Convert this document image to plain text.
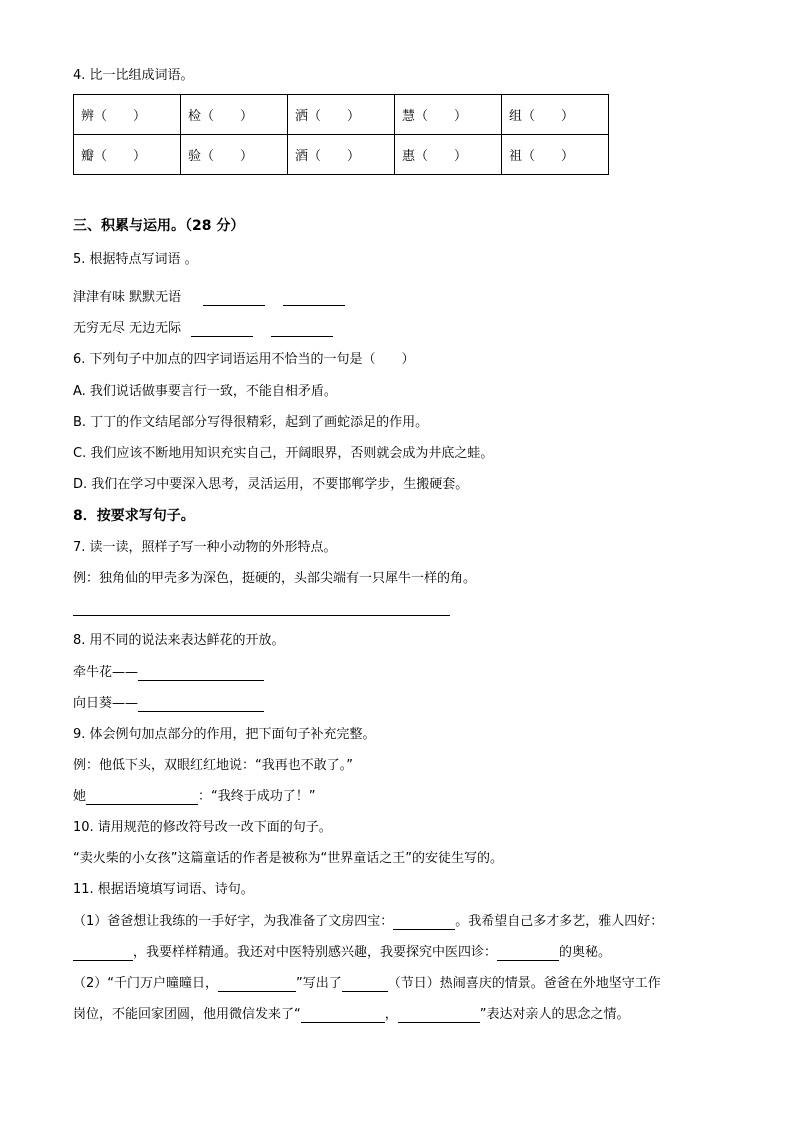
4. 比一比组成词语。
辨（　　）	检（　　）	洒（　　）	慧（　　）	组（　　）
瓣（　　）	验（　　）	酒（　　）	惠（　　）	祖（　　）
三、积累与运用。（28 分）
5. 根据特点写词语 。
津津有味 默默无语
无穷无尽 无边无际
6. 下列句子中加点的四字词语运用不恰当的一句是（　　）
A. 我们说话做事要言行一致，不能自相矛盾。
B. 丁丁的作文结尾部分写得很精彩，起到了画蛇添足的作用。
C. 我们应该不断地用知识充实自己，开阔眼界，否则就会成为井底之蛙。
D. 我们在学习中要深入思考，灵活运用，不要邯郸学步，生搬硬套。
8．按要求写句子。
7. 读一读，照样子写一种小动物的外形特点。
例：独角仙的甲壳多为深色，挺硬的，头部尖端有一只犀牛一样的角。
8. 用不同的说法来表达鲜花的开放。
牵牛花——
向日葵——
9. 体会例句加点部分的作用，把下面句子补充完整。
例：他低下头，双眼红红地说：“我再也不敢了。”
她	：“我终于成功了！”
10. 请用规范的修改符号改一改下面的句子。
“卖火柴的小女孩”这篇童话的作者是被称为“世界童话之王”的安徒生写的。
11. 根据语境填写词语、诗句。
（1）爸爸想让我练的一手好字，为我准备了文房四宝：	。我希望自己多才多艺，雅人四好：
，我要样样精通。我还对中医特别感兴趣，我要探究中医四诊：	的奥秘。
（2）“千门万户曈曈日，	”写出了	（节日）热闹喜庆的情景。爸爸在外地坚守工作
岗位，不能回家团圆，他用微信发来了“	，	”表达对亲人的思念之情。
